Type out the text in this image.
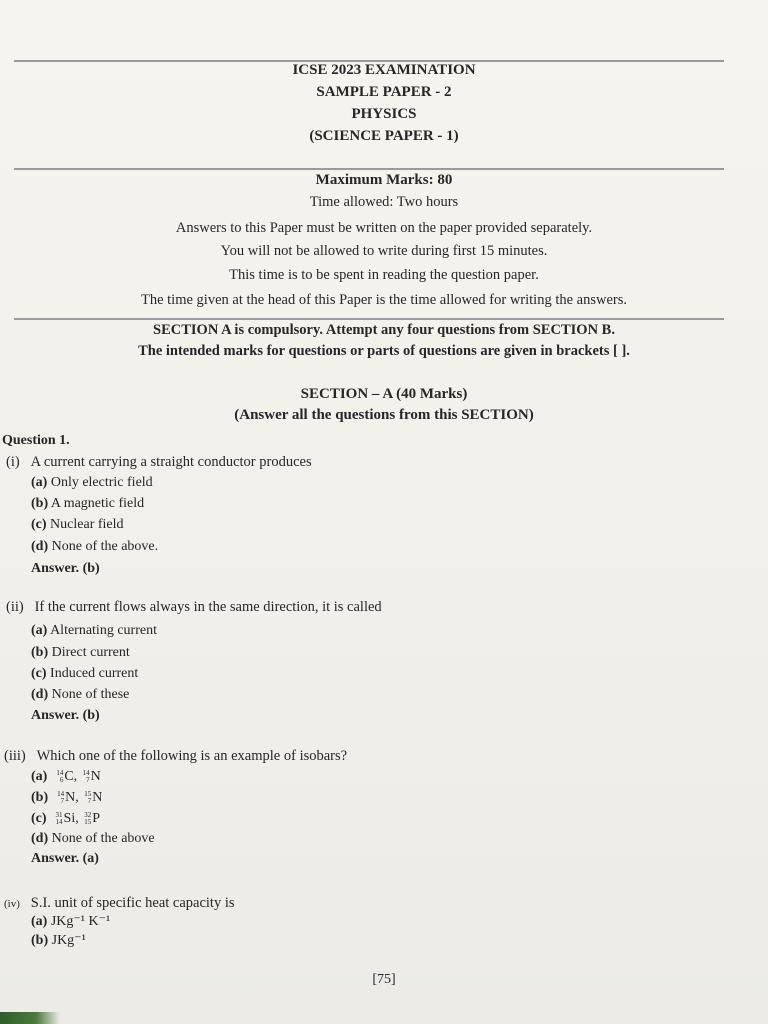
ICSE 2023 EXAMINATION
SAMPLE PAPER - 2
PHYSICS
(SCIENCE PAPER - 1)
Maximum Marks: 80
Time allowed: Two hours
Answers to this Paper must be written on the paper provided separately.
You will not be allowed to write during first 15 minutes.
This time is to be spent in reading the question paper.
The time given at the head of this Paper is the time allowed for writing the answers.
SECTION A is compulsory. Attempt any four questions from SECTION B.
The intended marks for questions or parts of questions are given in brackets [ ].
SECTION – A (40 Marks)
(Answer all the questions from this SECTION)
Question 1.
(i) A current carrying a straight conductor produces
(a) Only electric field
(b) A magnetic field
(c) Nuclear field
(d) None of the above.
Answer. (b)
(ii) If the current flows always in the same direction, it is called
(a) Alternating current
(b) Direct current
(c) Induced current
(d) None of these
Answer. (b)
(iii) Which one of the following is an example of isobars?
(a) 14
6 C, 14
7 N
(b) 14
7 N, 15
7 N
(c) 31
14 Si, 32
15 P
(d) None of the above
Answer. (a)
(iv) S.I. unit of specific heat capacity is
(a) JKg⁻¹ K⁻¹
(b) JKg⁻¹
[75]
